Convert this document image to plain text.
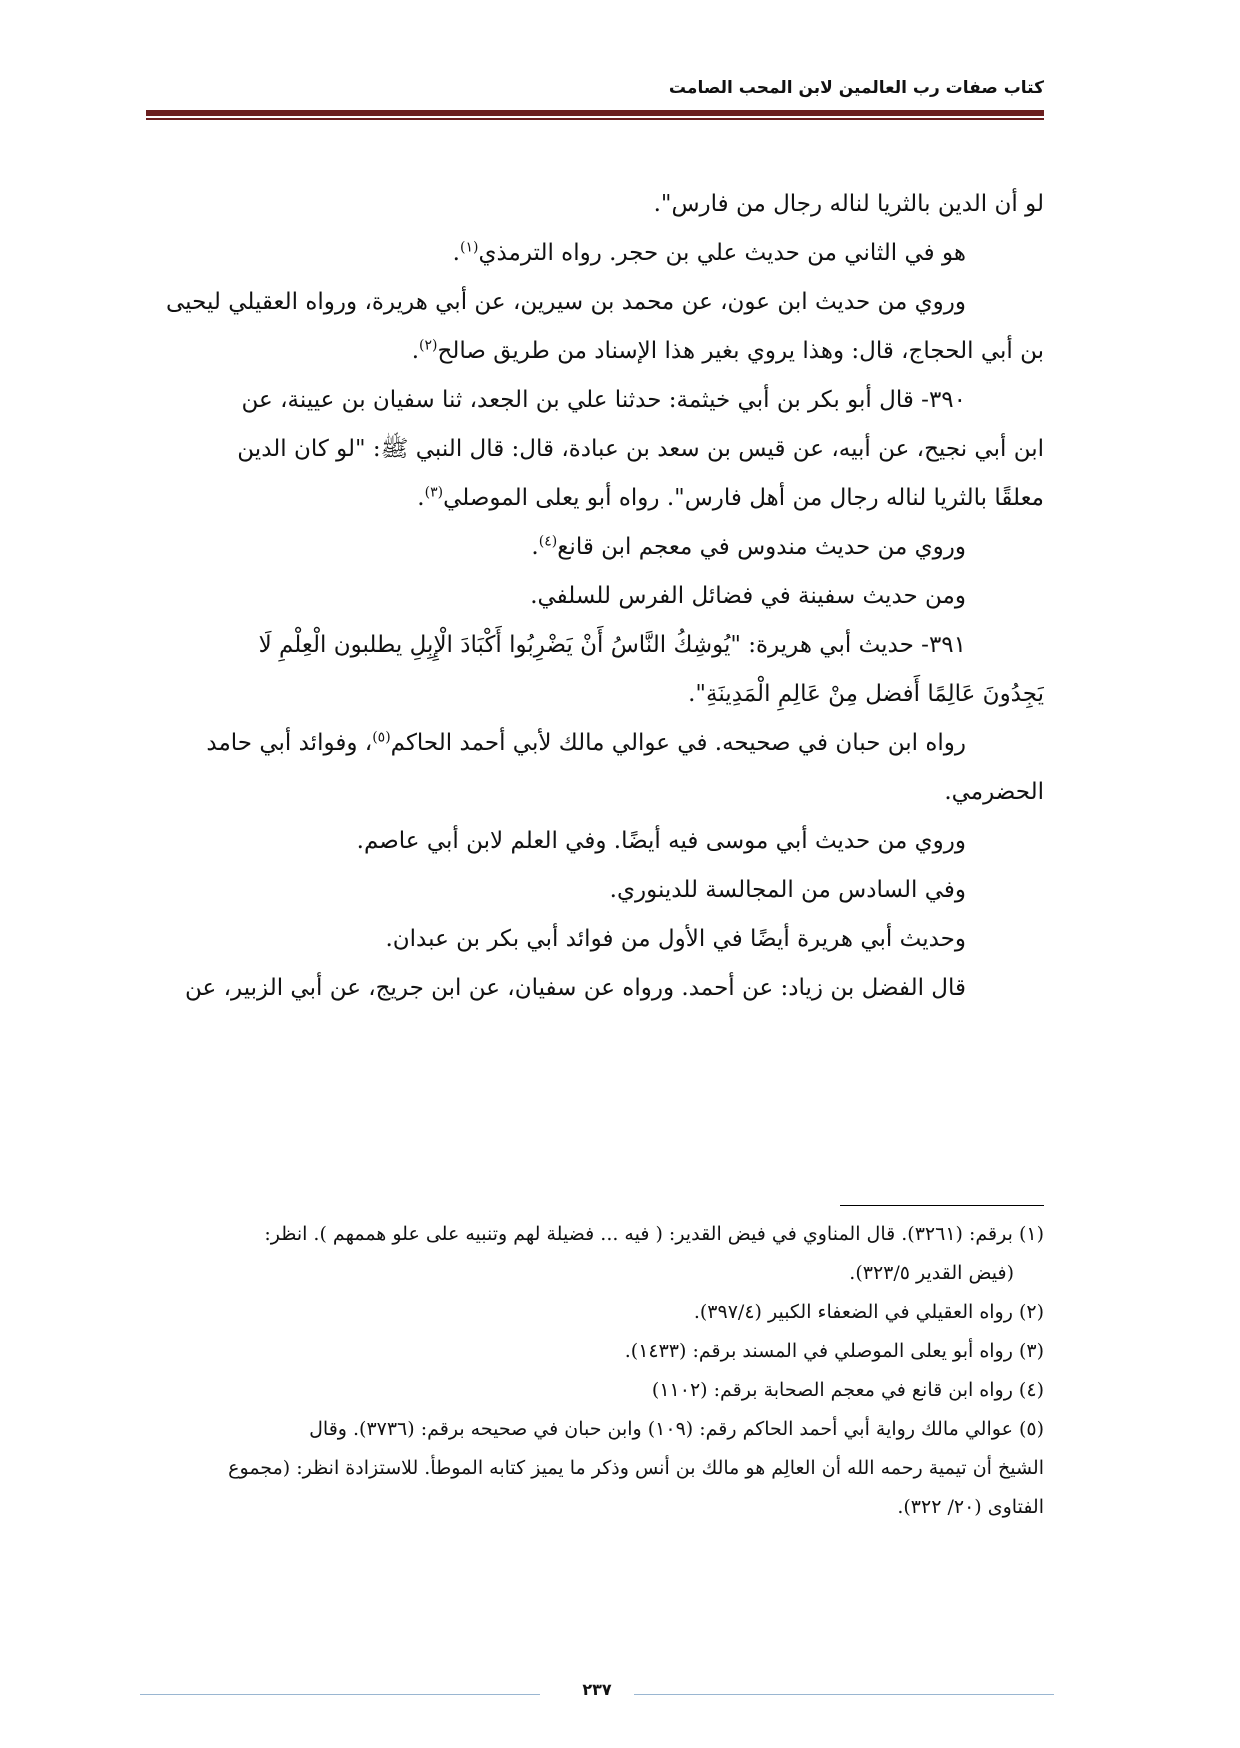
كتاب صفات رب العالمين لابن المحب الصامت
لو أن الدين بالثريا لناله رجال من فارس".
هو في الثاني من حديث علي بن حجر. رواه الترمذي$^{(١)}$.
وروي من حديث ابن عون، عن محمد بن سيرين، عن أبي هريرة، ورواه العقيلي ليحيى
بن أبي الحجاج، قال: وهذا يروي بغير هذا الإسناد من طريق صالح$^{(٢)}$.
٣٩٠- قال أبو بكر بن أبي خيثمة: حدثنا علي بن الجعد، ثنا سفيان بن عيينة، عن
ابن أبي نجيح، عن أبيه، عن قيس بن سعد بن عبادة، قال: قال النبي ﷺ: "لو كان الدين
معلقًا بالثريا لناله رجال من أهل فارس". رواه أبو يعلى الموصلي$^{(٣)}$.
وروي من حديث مندوس في معجم ابن قانع$^{(٤)}$.
ومن حديث سفينة في فضائل الفرس للسلفي.
٣٩١- حديث أبي هريرة: "يُوشِكُ النَّاسُ أَنْ يَضْرِبُوا أَكْبَادَ الْإِبِلِ يطلبون الْعِلْمِ لَا
يَجِدُونَ عَالِمًا أَفضل مِنْ عَالِمِ الْمَدِينَةِ".
رواه ابن حبان في صحيحه. في عوالي مالك لأبي أحمد الحاكم$^{(٥)}$، وفوائد أبي حامد
الحضرمي.
وروي من حديث أبي موسى فيه أيضًا. وفي العلم لابن أبي عاصم.
وفي السادس من المجالسة للدينوري.
وحديث أبي هريرة أيضًا في الأول من فوائد أبي بكر بن عبدان.
قال الفضل بن زياد: عن أحمد. ورواه عن سفيان، عن ابن جريج، عن أبي الزبير، عن
(١) برقم: (٣٢٦١). قال المناوي في فيض القدير: ( فيه ... فضيلة لهم وتنبيه على علو هممهم ). انظر:
(فيض القدير ٣٢٣/٥).
(٢) رواه العقيلي في الضعفاء الكبير (٣٩٧/٤).
(٣) رواه أبو يعلى الموصلي في المسند برقم: (١٤٣٣).
(٤) رواه ابن قانع في معجم الصحابة برقم: (١١٠٢)
(٥) عوالي مالك رواية أبي أحمد الحاكم رقم: (١٠٩) وابن حبان في صحيحه برقم: (٣٧٣٦). وقال
الشيخ أن تيمية رحمه الله أن العالِم هو مالك بن أنس وذكر ما يميز كتابه الموطأ. للاستزادة انظر: (مجموع
الفتاوى (٢٠/ ٣٢٢).
٢٣٧
